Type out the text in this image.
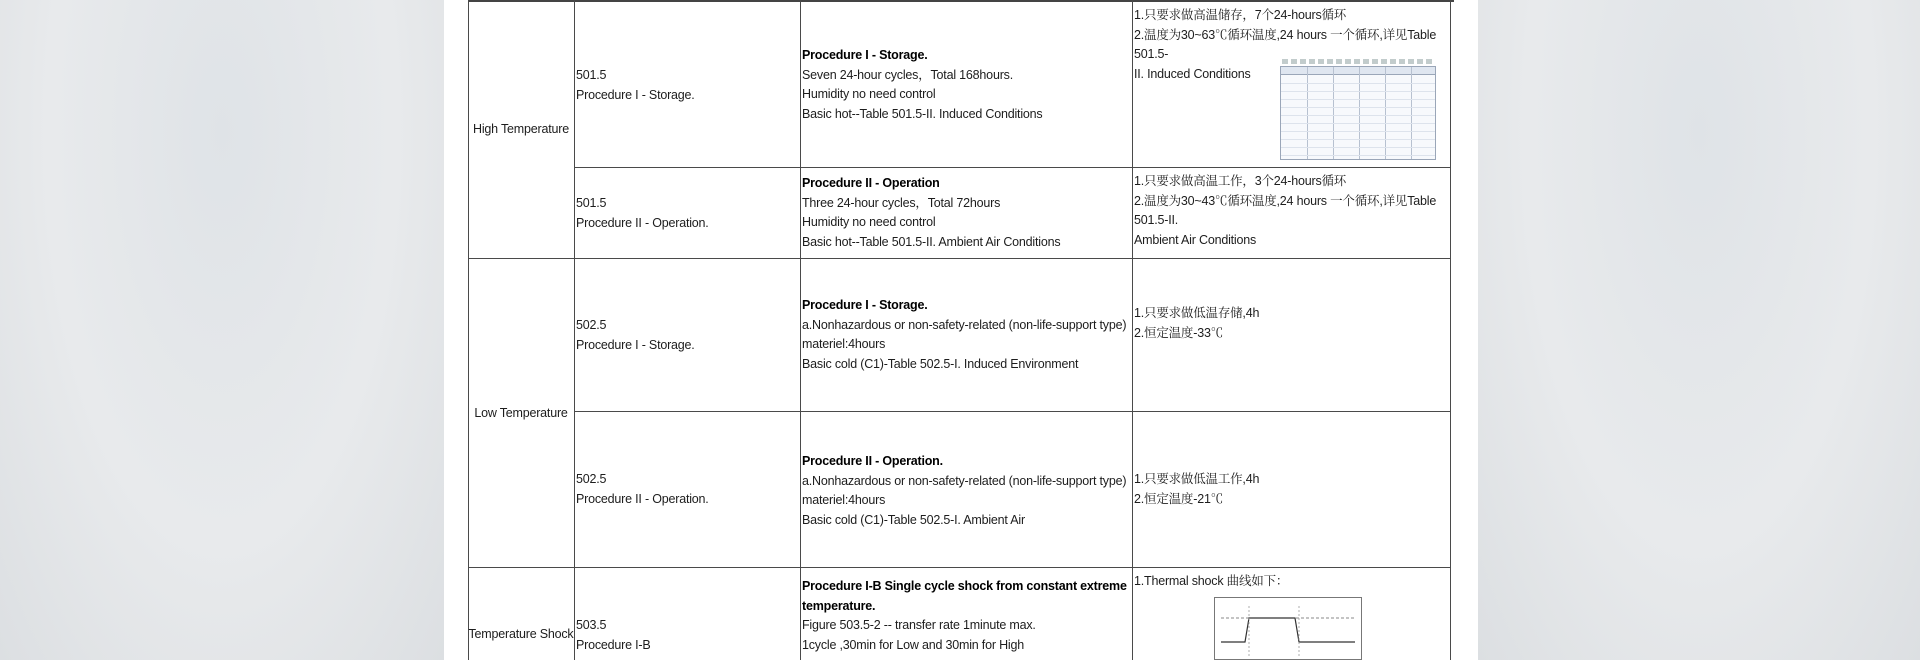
High Temperature
501.5
Procedure I - Storage.
Procedure I - Storage.
Seven 24-hour cycles，Total 168hours.
Humidity no need control
Basic hot--Table 501.5-II. Induced Conditions
1.只要求做高温储存，7个24-hours循环
2.温度为30~63℃循环温度,24 hours 一个循环,详见Table 501.5-
II. Induced Conditions
501.5
Procedure II - Operation.
Procedure II - Operation
Three 24-hour cycles，Total 72hours
Humidity no need control
Basic hot--Table 501.5-II. Ambient Air Conditions
1.只要求做高温工作，3个24-hours循环
2.温度为30~43℃循环温度,24 hours 一个循环,详见Table 501.5-II.
Ambient Air Conditions
Low Temperature
502.5
Procedure I - Storage.
Procedure I - Storage.
a.Nonhazardous or non-safety-related (non-life-support type)
materiel:4hours
Basic cold (C1)-Table 502.5-I. Induced Environment
1.只要求做低温存储,4h
2.恒定温度-33℃
502.5
Procedure II - Operation.
Procedure II - Operation.
a.Nonhazardous or non-safety-related (non-life-support type)
materiel:4hours
Basic cold (C1)-Table 502.5-I. Ambient Air
1.只要求做低温工作,4h
2.恒定温度-21℃
Temperature Shock
503.5
Procedure I-B
Procedure I-B Single cycle shock from constant extreme
temperature.
Figure 503.5-2 -- transfer rate 1minute max.
1cycle ,30min for Low and 30min for High
1.Thermal shock 曲线如下：
